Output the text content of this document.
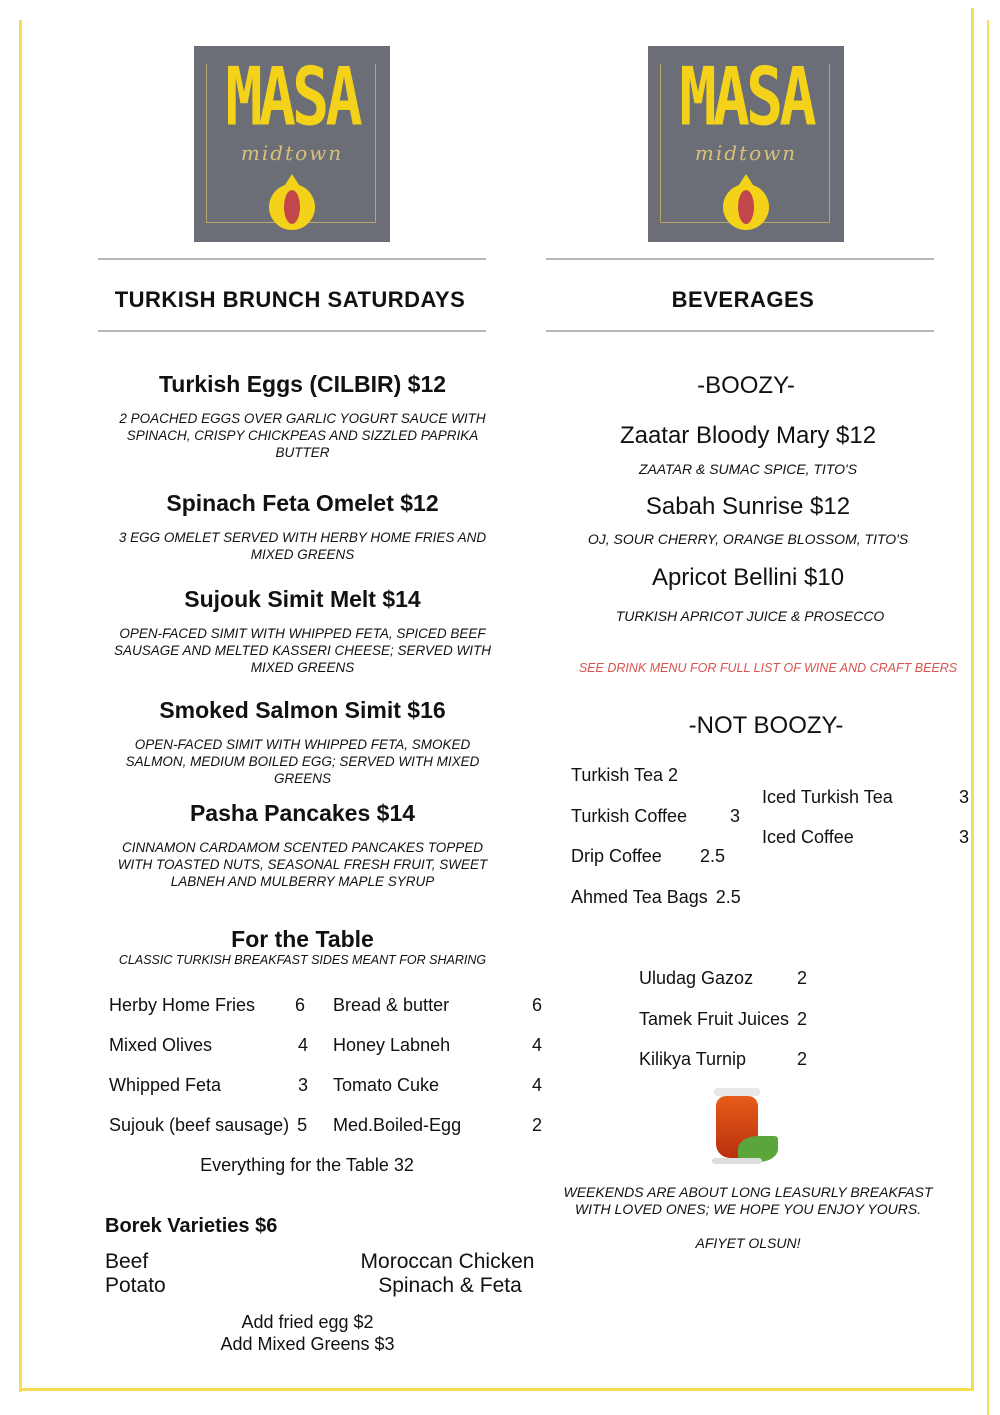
MASA
midtown
MASA
midtown
TURKISH BRUNCH SATURDAYS	BEVERAGES
Turkish Eggs (CILBIR) $12
2 POACHED EGGS OVER GARLIC YOGURT SAUCE WITH SPINACH, CRISPY CHICKPEAS AND SIZZLED PAPRIKA BUTTER
Spinach Feta Omelet $12
3 EGG OMELET SERVED WITH HERBY HOME FRIES AND MIXED GREENS
Sujouk Simit Melt $14
OPEN-FACED SIMIT WITH WHIPPED FETA, SPICED BEEF SAUSAGE AND MELTED KASSERI CHEESE; SERVED WITH MIXED GREENS
Smoked Salmon Simit $16
OPEN-FACED SIMIT WITH WHIPPED FETA, SMOKED SALMON, MEDIUM BOILED EGG; SERVED WITH MIXED GREENS
Pasha Pancakes $14
CINNAMON CARDAMOM SCENTED PANCAKES TOPPED WITH TOASTED NUTS, SEASONAL FRESH FRUIT, SWEET LABNEH AND MULBERRY MAPLE SYRUP
For the Table
CLASSIC TURKISH BREAKFAST SIDES MEANT FOR SHARING
Herby Home Fries 6 Bread & butter	6
Mixed Olives	4 Honey Labneh	4
Whipped Feta	3 Tomato Cuke	4
Sujouk (beef sausage) 5 Med.Boiled-Egg	2
Everything for the Table 32
Borek Varieties $6
Beef
Potato
Moroccan Chicken
Spinach & Feta
Add fried egg $2
Add Mixed Greens $3
-BOOZY-
Zaatar Bloody Mary $12
ZAATAR & SUMAC SPICE, TITO'S
Sabah Sunrise $12
OJ, SOUR CHERRY, ORANGE BLOSSOM, TITO'S
Apricot Bellini $10
TURKISH APRICOT JUICE & PROSECCO
SEE DRINK MENU FOR FULL LIST OF WINE AND CRAFT BEERS
-NOT BOOZY-
Turkish Tea 2
Turkish Coffee 3
Drip Coffee 2.5
Ahmed Tea Bags 2.5
Iced Turkish Tea	3
Iced Coffee	3
Uludag Gazoz 2
Tamek Fruit Juices 2
Kilikya Turnip	2
WEEKENDS ARE ABOUT LONG LEASURLY BREAKFAST WITH LOVED ONES; WE HOPE YOU ENJOY YOURS.
AFIYET OLSUN!
